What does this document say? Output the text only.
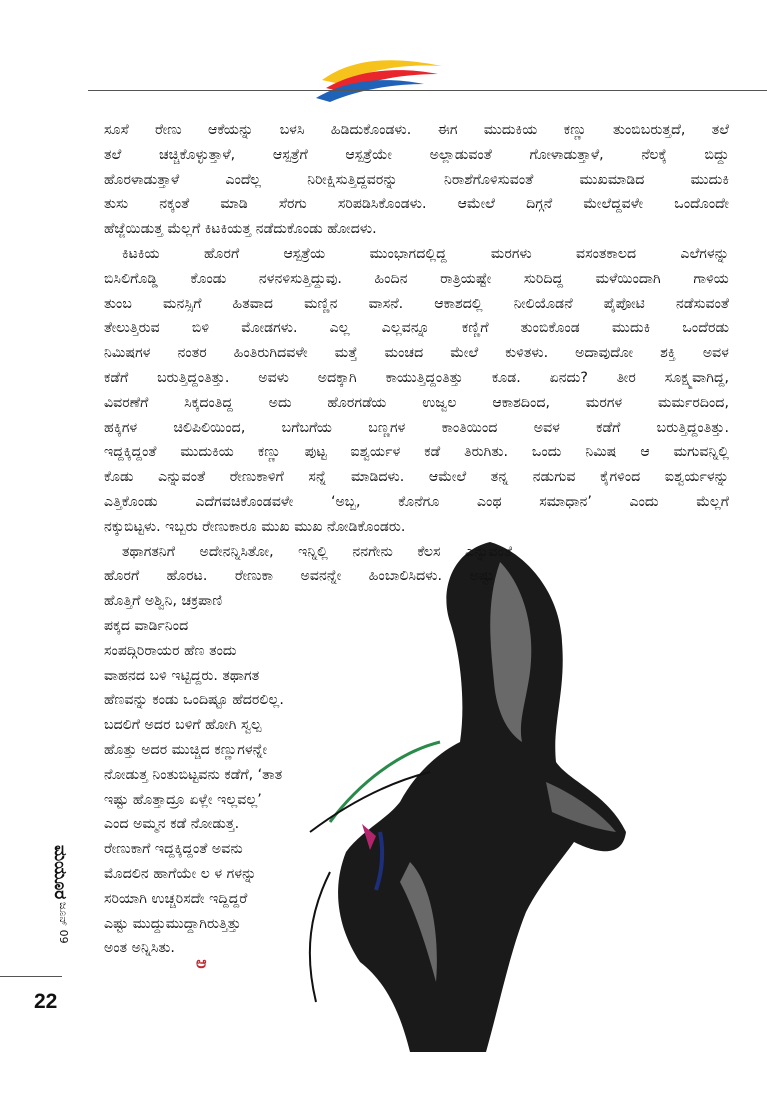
ಮಯೂರ
ಜೂನ್ 09
22
ಸೂಸೆ ರೇಣು ಆಕೆಯನ್ನು ಬಳಸಿ ಹಿಡಿದುಕೊಂಡಳು. ಈಗ ಮುದುಕಿಯ ಕಣ್ಣು ತುಂಬಿಬರುತ್ತದೆ, ತಲೆ
ತಲೆ ಚಚ್ಚಿಕೊಳ್ಳುತ್ತಾಳೆ, ಆಸ್ಪತ್ರೆಗೆ ಆಸ್ಪತ್ರೆಯೇ ಅಲ್ಲಾಡುವಂತೆ ಗೋಳಾಡುತ್ತಾಳೆ, ನೆಲಕ್ಕೆ ಬಿದ್ದು
ಹೊರಳಾಡುತ್ತಾಳೆ ಎಂದೆಲ್ಲ ನಿರೀಕ್ಷಿಸುತ್ತಿದ್ದವರನ್ನು ನಿರಾಶೆಗೊಳಿಸುವಂತೆ ಮುಖಮಾಡಿದ ಮುದುಕಿ
ತುಸು ನಕ್ಕಂತೆ ಮಾಡಿ ಸೆರಗು ಸರಿಪಡಿಸಿಕೊಂಡಳು. ಆಮೇಲೆ ದಿಗ್ಗನೆ ಮೇಲೆದ್ದವಳೇ ಒಂದೊಂದೇ
ಹೆಜ್ಜೆಯಿಡುತ್ತ ಮೆಲ್ಲಗೆ ಕಿಟಕಿಯತ್ತ ನಡೆದುಕೊಂಡು ಹೋದಳು.
ಕಿಟಕಿಯ ಹೊರಗೆ ಆಸ್ಪತ್ರೆಯ ಮುಂಭಾಗದಲ್ಲಿದ್ದ ಮರಗಳು ವಸಂತಕಾಲದ ಎಲೆಗಳನ್ನು
ಬಿಸಿಲಿಗೊಡ್ಡಿ ಕೊಂಡು ನಳನಳಿಸುತ್ತಿದ್ದುವು. ಹಿಂದಿನ ರಾತ್ರಿಯಷ್ಟೇ ಸುರಿದಿದ್ದ ಮಳೆಯಿಂದಾಗಿ ಗಾಳಿಯ
ತುಂಬ ಮನಸ್ಸಿಗೆ ಹಿತವಾದ ಮಣ್ಣಿನ ವಾಸನೆ. ಆಕಾಶದಲ್ಲಿ ನೀಲಿಯೊಡನೆ ಪೈಪೋಟಿ ನಡೆಸುವಂತೆ
ತೇಲುತ್ತಿರುವ ಬಿಳಿ ಮೋಡಗಳು. ಎಲ್ಲ ಎಲ್ಲವನ್ನೂ ಕಣ್ಣಿಗೆ ತುಂಬಿಕೊಂಡ ಮುದುಕಿ ಒಂದೆರಡು
ನಿಮಿಷಗಳ ನಂತರ ಹಿಂತಿರುಗಿದವಳೇ ಮತ್ತೆ ಮಂಚದ ಮೇಲೆ ಕುಳಿತಳು. ಅದಾವುದೋ ಶಕ್ತಿ ಅವಳ
ಕಡೆಗೆ ಬರುತ್ತಿದ್ದಂತಿತ್ತು. ಅವಳು ಅದಕ್ಕಾಗಿ ಕಾಯುತ್ತಿದ್ದಂತಿತ್ತು ಕೂಡ. ಏನದು? ತೀರ ಸೂಕ್ಷ್ಮವಾಗಿದ್ದ,
ವಿವರಣೆಗೆ ಸಿಕ್ಕದಂತಿದ್ದ ಅದು ಹೊರಗಡೆಯ ಉಜ್ವಲ ಆಕಾಶದಿಂದ, ಮರಗಳ ಮರ್ಮರದಿಂದ,
ಹಕ್ಕಿಗಳ ಚಿಲಿಪಿಲಿಯಿಂದ, ಬಗೆಬಗೆಯ ಬಣ್ಣಗಳ ಕಾಂತಿಯಿಂದ ಅವಳ ಕಡೆಗೆ ಬರುತ್ತಿದ್ದಂತಿತ್ತು.
ಇದ್ದಕ್ಕಿದ್ದಂತೆ ಮುದುಕಿಯ ಕಣ್ಣು ಪುಟ್ಟ ಐಶ್ವರ್ಯಳ ಕಡೆ ತಿರುಗಿತು. ಒಂದು ನಿಮಿಷ ಆ ಮಗುವನ್ನಿಲ್ಲಿ
ಕೊಡು ಎನ್ನುವಂತೆ ರೇಣುಕಾಳಿಗೆ ಸನ್ನೆ ಮಾಡಿದಳು. ಆಮೇಲೆ ತನ್ನ ನಡುಗುವ ಕೈಗಳಿಂದ ಐಶ್ವರ್ಯಳನ್ನು
ಎತ್ತಿಕೊಂಡು ಎದೆಗವಚಿಕೊಂಡವಳೇ ‘ಅಬ್ಬ, ಕೊನೆಗೂ ಎಂಥ ಸಮಾಧಾನ’ ಎಂದು ಮೆಲ್ಲಗೆ
ನಕ್ಕುಬಿಟ್ಟಳು. ಇಬ್ಬರು ರೇಣುಕಾರೂ ಮುಖ ಮುಖ ನೋಡಿಕೊಂಡರು.
ತಥಾಗತನಿಗೆ ಅದೇನನ್ನಿಸಿತೋ, ಇನ್ನಿಲ್ಲಿ ನನಗೇನು ಕೆಲಸ ಎನ್ನುವಂತೆ
ಹೊರಗೆ ಹೊರಟ. ರೇಣುಕಾ ಅವನನ್ನೇ ಹಿಂಬಾಲಿಸಿದಳು. ಅಷ್ಟು
ಹೊತ್ತಿಗೆ ಅಶ್ವಿನಿ, ಚಕ್ರಪಾಣಿ
ಪಕ್ಕದ ವಾರ್ಡಿನಿಂದ
ಸಂಪದ್ಗಿರಿರಾಯರ ಹೆಣ ತಂದು
ವಾಹನದ ಬಳಿ ಇಟ್ಟಿದ್ದರು. ತಥಾಗತ
ಹೆಣವನ್ನು ಕಂಡು ಒಂದಿಷ್ಟೂ ಹೆದರಲಿಲ್ಲ.
ಬದಲಿಗೆ ಅದರ ಬಳಿಗೆ ಹೋಗಿ ಸ್ವಲ್ಪ
ಹೊತ್ತು ಅದರ ಮುಚ್ಚಿದ ಕಣ್ಣುಗಳನ್ನೇ
ನೋಡುತ್ತ ನಿಂತುಬಿಟ್ಟವನು ಕಡೆಗೆ, ‘ತಾತ
ಇಷ್ಟು ಹೊತ್ತಾದ್ರೂ ಏಳ್ಲೇ ಇಲ್ಲವಲ್ಲ’
ಎಂದ ಅಮ್ಮನ ಕಡೆ ನೋಡುತ್ತ.
ರೇಣುಕಾಗೆ ಇದ್ದಕ್ಕಿದ್ದಂತೆ ಅವನು
ಮೊದಲಿನ ಹಾಗೆಯೇ ಲ ಳ ಗಳನ್ನು
ಸರಿಯಾಗಿ ಉಚ್ಚರಿಸದೇ ಇದ್ದಿದ್ದರೆ
ಎಷ್ಟು ಮುದ್ದುಮುದ್ದಾಗಿರುತ್ತಿತ್ತು
ಅಂತ ಅನ್ನಿಸಿತು.
ಆ
